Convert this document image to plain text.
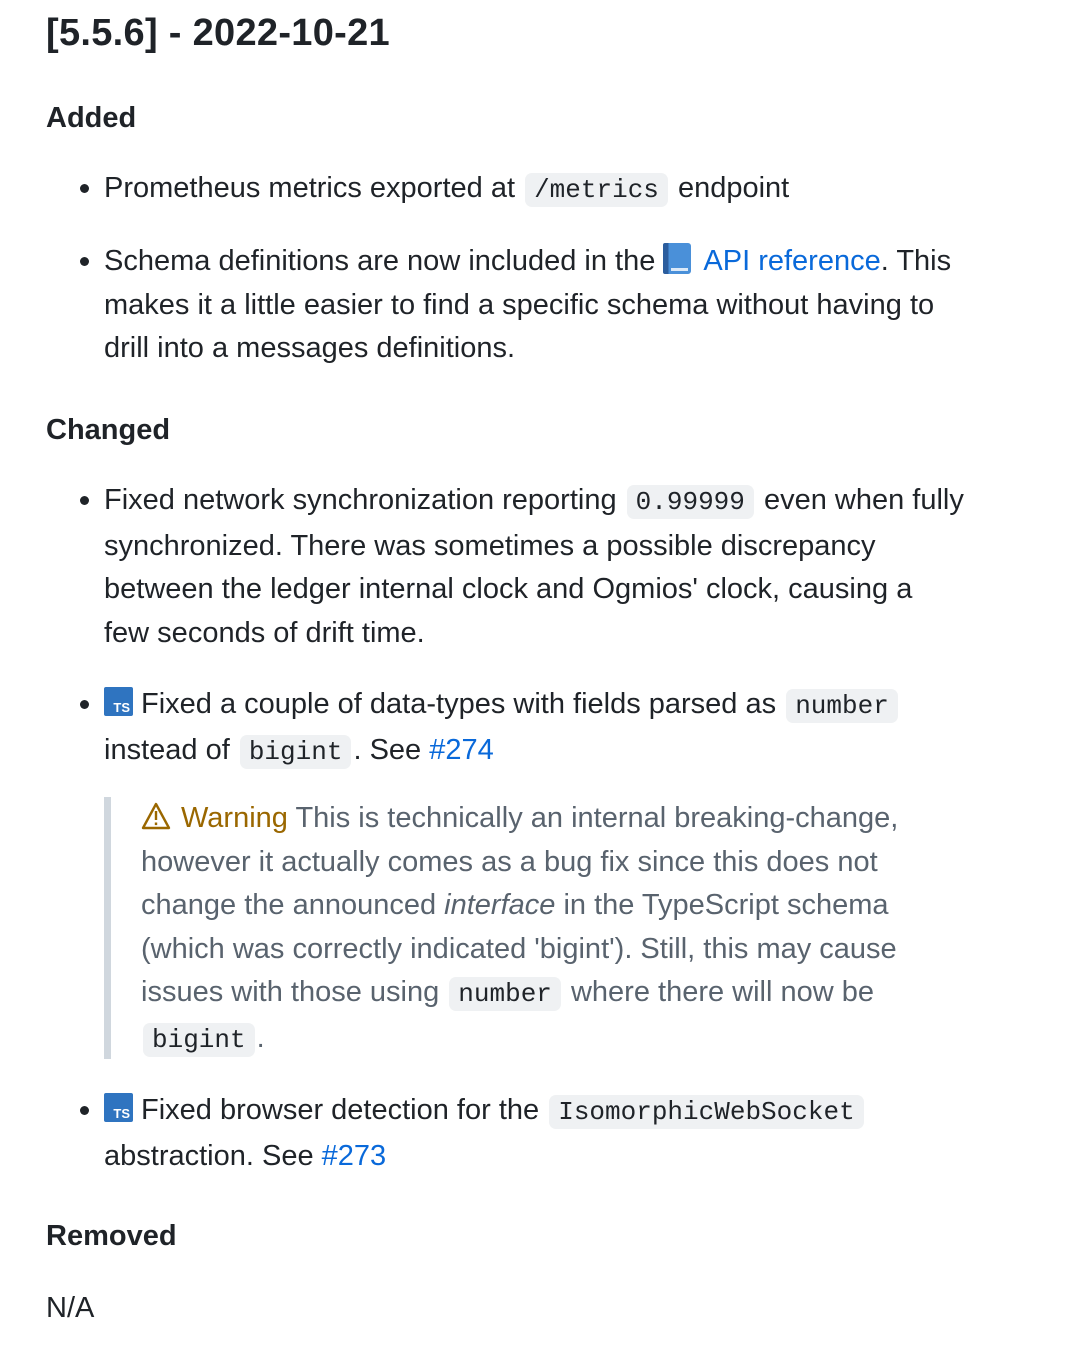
[5.5.6] - 2022-10-21
Added
Prometheus metrics exported at /metrics endpoint
Schema definitions are now included in the API reference. This
makes it a little easier to find a specific schema without having to
drill into a messages definitions.
Changed
Fixed network synchronization reporting 0.99999 even when fully
synchronized. There was sometimes a possible discrepancy
between the ledger internal clock and Ogmios' clock, causing a
few seconds of drift time.
TS Fixed a couple of data-types with fields parsed as number
instead of bigint . See #274
TS Fixed browser detection for the IsomorphicWebSocket
abstraction. See #273
Removed
N/A
Warning This is technically an internal breaking-change,
however it actually comes as a bug fix since this does not
change the announced interface in the TypeScript schema
(which was correctly indicated 'bigint'). Still, this may cause
issues with those using number where there will now be
bigint .
